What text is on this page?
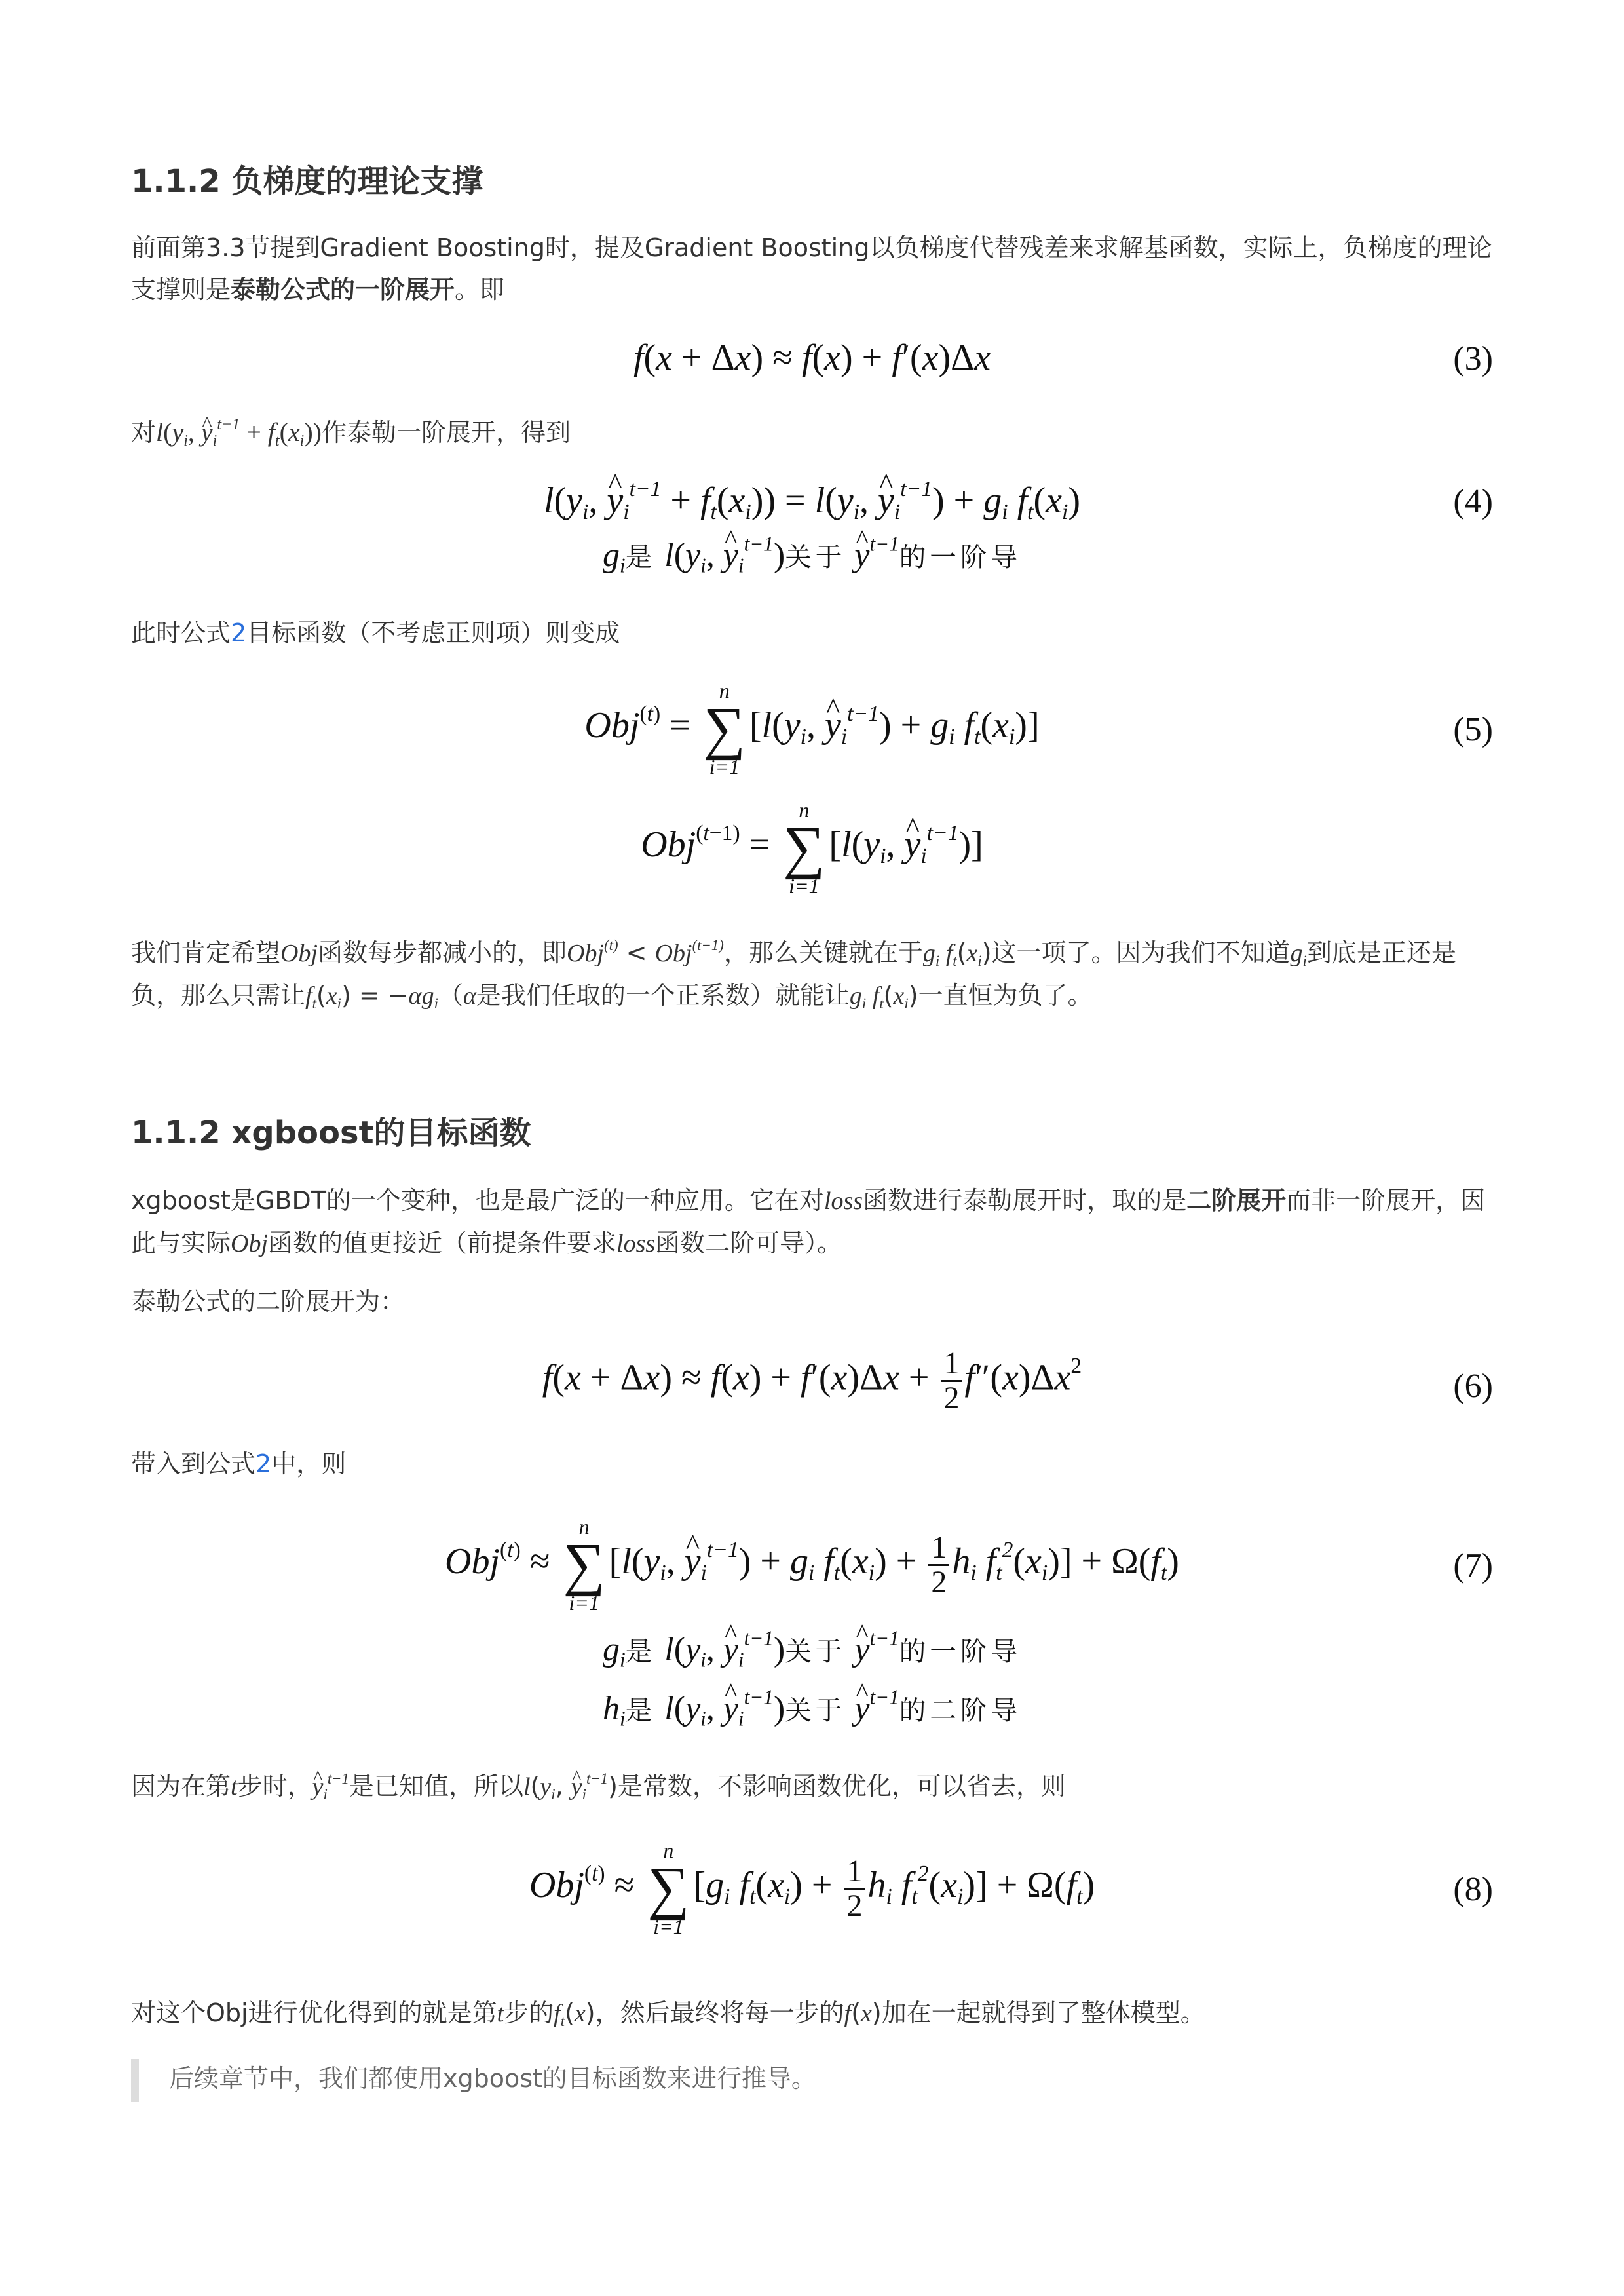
1.1.2 负梯度的理论支撑

前面第3.3节提到Gradient Boosting时，提及Gradient Boosting以负梯度代替残差来求解基函数，实际上，负梯度的理论支撑则是泰勒公式的一阶展开。即

f(x + Δx) ≈ f(x) + f′(x)Δx	(3)

对$l(y_i$, ^ $y_i^{t-1} + f_t(x_i)$)作泰勒一阶展开，得到

$l(y_i$, ^ $y_i^{t-1} + f_t(x_i)) = l(y_i$, ^ $y_i^{t-1}) + g_i$ $f_t(x_i)$	(4)
$g_i$是 $l(y_i$, ^ $y_i^{t-1}$)关于 ^ $y^{t-1}$的一阶导

此时公式2目标函数（不考虑正则项）则变成

Obj$^{(t)}$ =
n
∑
i=1
[$l(y_i$, ^ $y_i^{t-1}) + g_i$ $f_t(x_i)$]	(5)
Obj$^{(t-1)}$ =
n
∑
i=1
[$l(y_i$, ^ $y_i^{t-1}$)]

我们肯定希望Obj函数每步都减小的，即Obj$^{(t)}$ < Obj$^{(t-1)}$，那么关键就在于$g_i$ $f_t(x_i)$这一项了。因为我们不知道$g_i$到底是正还是负，那么只需让$f_t(x_i) = -\alpha g_i(\alpha$是我们任取的一个正系数）就能让$g_i$ $f_t(x_i)$一直恒为负了。

1.1.2 xgboost的目标函数

xgboost是GBDT的一个变种，也是最广泛的一种应用。它在对loss函数进行泰勒展开时，取的是二阶展开而非一阶展开，因此与实际Obj函数的值更接近（前提条件要求loss函数二阶可导）。

泰勒公式的二阶展开为：

$f(x + \Delta x) \approx f(x) + f'(x)\Delta x + \frac{1}{2} f''(x)\Delta x^2$
(6)

带入到公式2中，则

Obj$^{(t)}$ ≈
n
∑
i=1
[$l(y_i$, ^ $y_i^{t-1}) + g_i$ $f_t(x_i) + \frac{1}{2} h_i$ $f_t^2(x_i)] + \Omega(f_t)$	(7)
$g_i$是 $l(y_i$, ^ $y_i^{t-1}$)关于 ^ $y^{t-1}$的一阶导
$h_i$是 $l(y_i$, ^ $y_i^{t-1}$)关于 ^ $y^{t-1}$的二阶导

因为在第t步时，^ $y_i^{t-1}$是已知值，所以$l(y_i$, ^ $y_i^{t-1}$)是常数，不影响函数优化，可以省去，则

Obj$^{(t)}$ ≈
n
∑
i=1
[$g_i$ $f_t(x_i) + \frac{1}{2} h_i$ $f_t^2(x_i)] + \Omega(f_t)$	(8)

对这个Obj进行优化得到的就是第t步的$f_t(x)$，然后最终将每一步的f(x)加在一起就得到了整体模型。

后续章节中，我们都使用xgboost的目标函数来进行推导。
